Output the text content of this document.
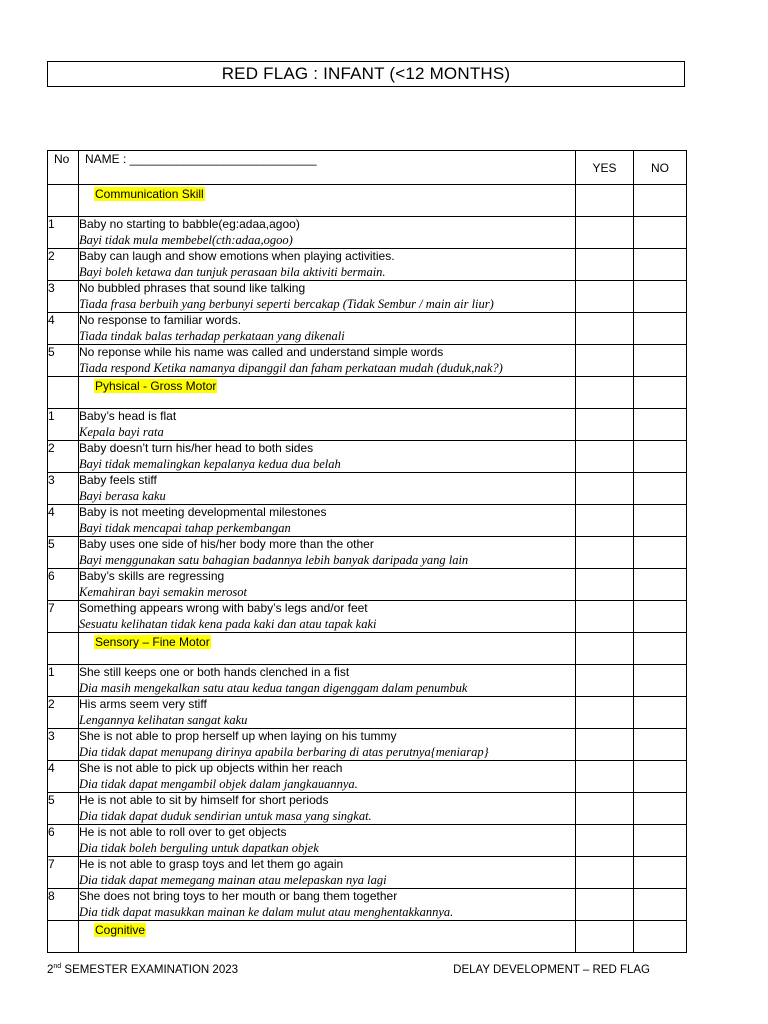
RED FLAG : INFANT (<12 MONTHS)
No	NAME : ____________________________	YES	NO
	Communication Skill		
1	Baby no starting to babble(eg:adaa,agoo)
Bayi tidak mula membebel(cth:adaa,ogoo)		

2	Baby can laugh and show emotions when playing activities.
Bayi boleh ketawa dan tunjuk perasaan bila aktiviti bermain.		

3	No bubbled phrases that sound like talking
Tiada frasa berbuih yang berbunyi seperti bercakap (Tidak Sembur / main air liur)		

4	No response to familiar words.
Tiada tindak balas terhadap perkataan yang dikenali		

5	No reponse while his name was called and understand simple words
Tiada respond Ketika namanya dipanggil dan faham perkataan mudah (duduk,nak?)		

	Pyhsical - Gross Motor		
1	Baby’s head is flat
Kepala bayi rata		

2	Baby doesn’t turn his/her head to both sides
Bayi tidak memalingkan kepalanya kedua dua belah		

3	Baby feels stiff
Bayi berasa kaku		

4	Baby is not meeting developmental milestones
Bayi tidak mencapai tahap perkembangan		

5	Baby uses one side of his/her body more than the other
Bayi menggunakan satu bahagian badannya lebih banyak daripada yang lain		

6	Baby’s skills are regressing
Kemahiran bayi semakin merosot		

7	Something appears wrong with baby’s legs and/or feet
Sesuatu kelihatan tidak kena pada kaki dan atau tapak kaki		

	Sensory – Fine Motor		
1	She still keeps one or both hands clenched in a fist
Dia masih mengekalkan satu atau kedua tangan digenggam dalam penumbuk		

2	His arms seem very stiff
Lengannya kelihatan sangat kaku		

3	She is not able to prop herself up when laying on his tummy
Dia tidak dapat menupang dirinya apabila berbaring di atas perutnya{meniarap}		

4	She is not able to pick up objects within her reach
Dia tidak dapat mengambil objek dalam jangkauannya.		

5	He is not able to sit by himself for short periods
Dia tidak dapat duduk sendirian untuk masa yang singkat.		

6	He is not able to roll over to get objects
Dia tidak boleh berguling untuk dapatkan objek		

7	He is not able to grasp toys and let them go again
Dia tidak dapat memegang mainan atau melepaskan nya lagi		

8	She does not bring toys to her mouth or bang them together
Dia tidk dapat masukkan mainan ke dalam mulut atau menghentakkannya.		

	Cognitive		
2nd SEMESTER EXAMINATION 2023	DELAY DEVELOPMENT – RED FLAG
